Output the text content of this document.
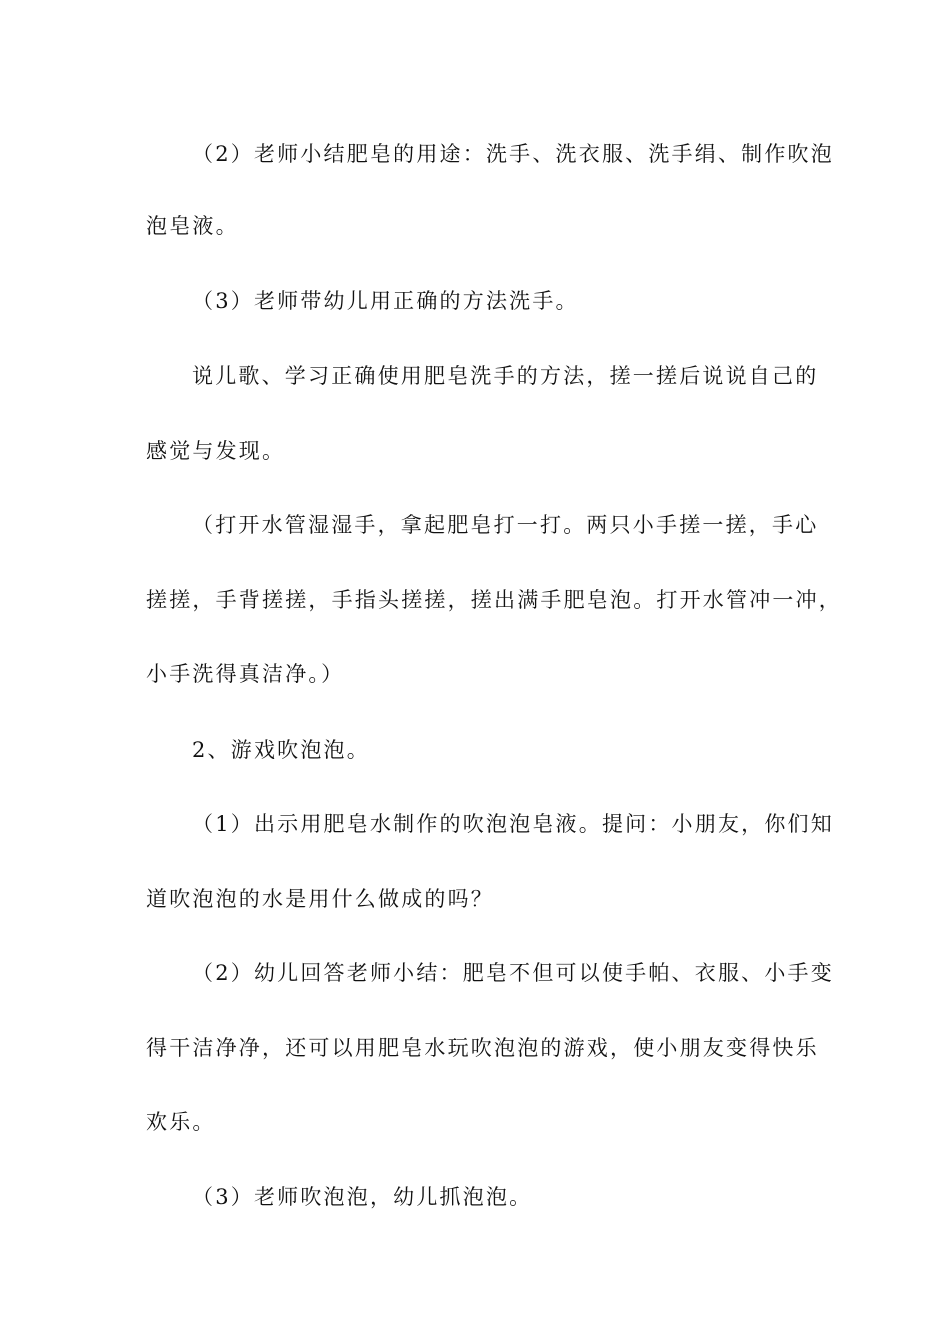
（2）老师小结肥皂的用途：洗手、洗衣服、洗手绢、制作吹泡
泡皂液。
（3）老师带幼儿用正确的方法洗手。
说儿歌、学习正确使用肥皂洗手的方法，搓一搓后说说自己的
感觉与发现。
（打开水管湿湿手，拿起肥皂打一打。两只小手搓一搓，手心
搓搓，手背搓搓，手指头搓搓，搓出满手肥皂泡。打开水管冲一冲，
小手洗得真洁净。）
2、游戏吹泡泡。
（1）出示用肥皂水制作的吹泡泡皂液。提问：小朋友，你们知
道吹泡泡的水是用什么做成的吗？
（2）幼儿回答老师小结：肥皂不但可以使手帕、衣服、小手变
得干洁净净，还可以用肥皂水玩吹泡泡的游戏，使小朋友变得快乐
欢乐。
（3）老师吹泡泡，幼儿抓泡泡。
